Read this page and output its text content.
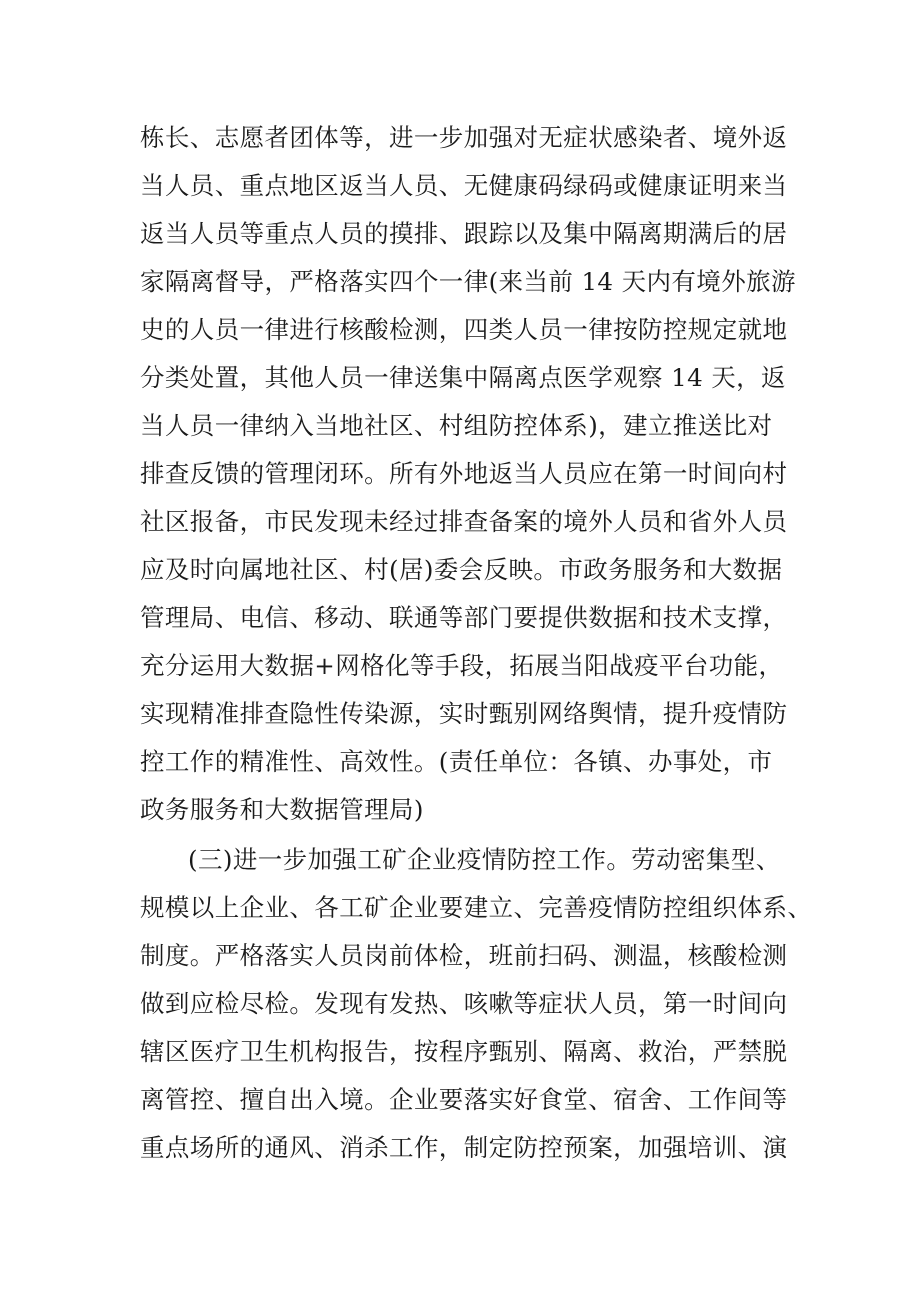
栋长、志愿者团体等，进一步加强对无症状感染者、境外返
当人员、重点地区返当人员、无健康码绿码或健康证明来当
返当人员等重点人员的摸排、跟踪以及集中隔离期满后的居
家隔离督导，严格落实四个一律(来当前 14 天内有境外旅游
史的人员一律进行核酸检测，四类人员一律按防控规定就地
分类处置，其他人员一律送集中隔离点医学观察 14 天，返
当人员一律纳入当地社区、村组防控体系)，建立推送比对
排查反馈的管理闭环。所有外地返当人员应在第一时间向村
社区报备，市民发现未经过排查备案的境外人员和省外人员
应及时向属地社区、村(居)委会反映。市政务服务和大数据
管理局、电信、移动、联通等部门要提供数据和技术支撑，
充分运用大数据+网格化等手段，拓展当阳战疫平台功能，
实现精准排查隐性传染源，实时甄别网络舆情，提升疫情防
控工作的精准性、高效性。(责任单位：各镇、办事处，市
政务服务和大数据管理局)
(三)进一步加强工矿企业疫情防控工作。劳动密集型、
规模以上企业、各工矿企业要建立、完善疫情防控组织体系、
制度。严格落实人员岗前体检，班前扫码、测温，核酸检测
做到应检尽检。发现有发热、咳嗽等症状人员，第一时间向
辖区医疗卫生机构报告，按程序甄别、隔离、救治，严禁脱
离管控、擅自出入境。企业要落实好食堂、宿舍、工作间等
重点场所的通风、消杀工作，制定防控预案，加强培训、演
